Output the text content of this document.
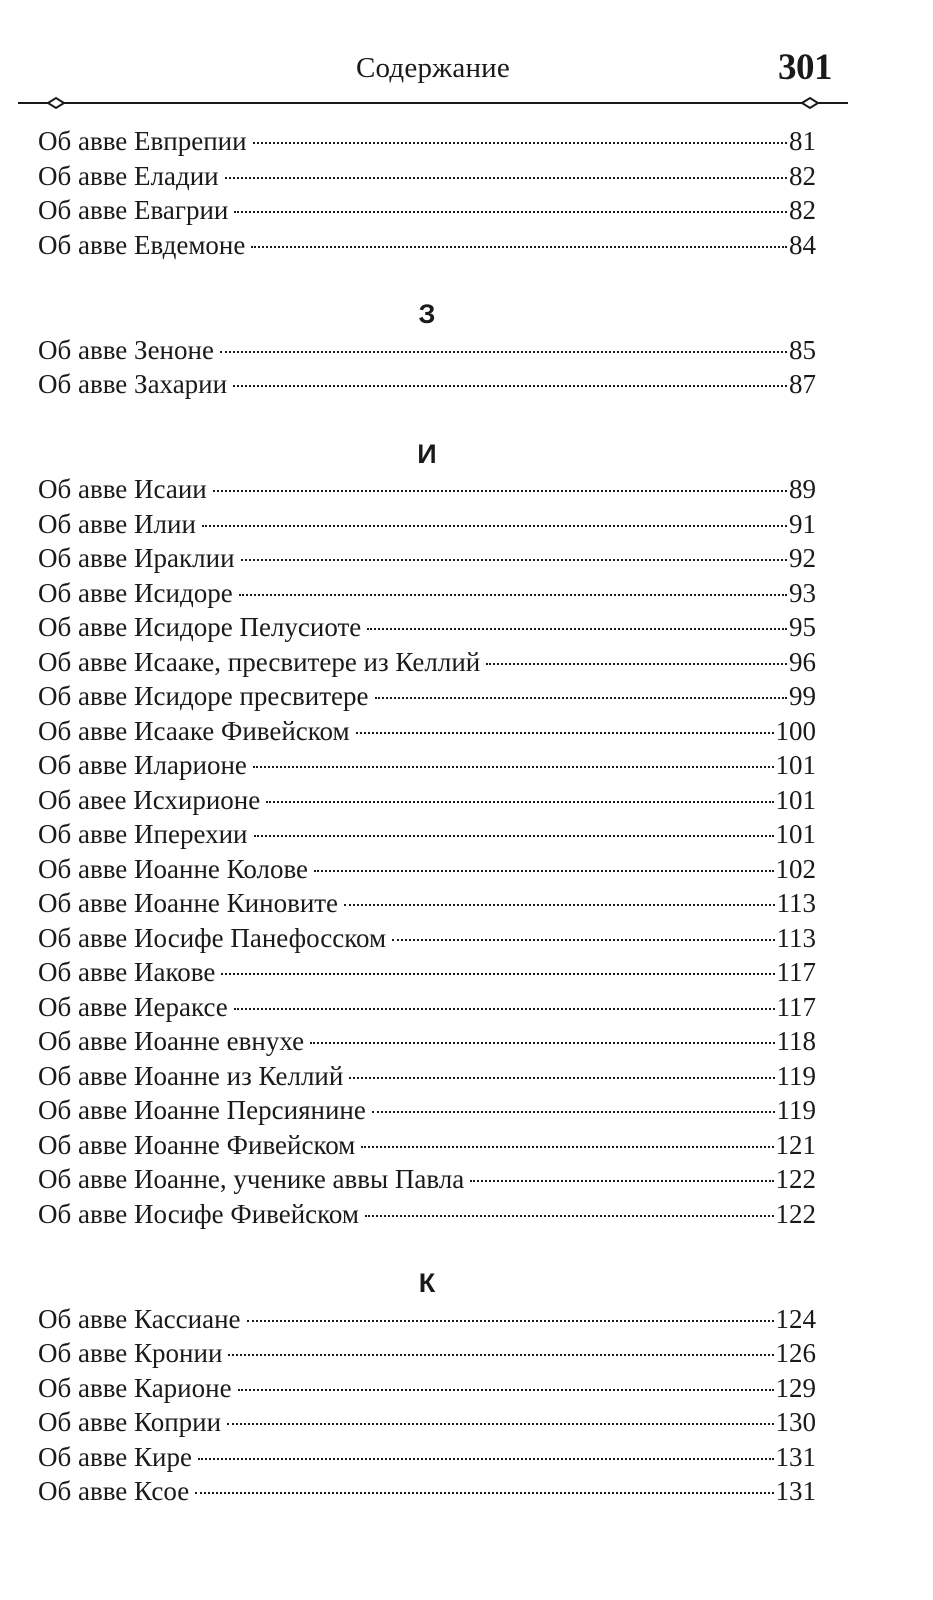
Содержание	301
Об авве Евпрепии	81
Об авве Еладии	82
Об авве Евагрии	82
Об авве Евдемоне	84
З
Об авве Зеноне	85
Об авве Захарии	87
И
Об авве Исаии	89
Об авве Илии	91
Об авве Ираклии	92
Об авве Исидоре	93
Об авве Исидоре Пелусиоте	95
Об авве Исааке, пресвитере из Келлий	96
Об авве Исидоре пресвитере	99
Об авве Исааке Фивейском	100
Об авве Иларионе	101
Об авее Исхирионе	101
Об авве Иперехии	101
Об авве Иоанне Колове	102
Об авве Иоанне Киновите	113
Об авве Иосифе Панефосском	113
Об авве Иакове	117
Об авве Иераксе	117
Об авве Иоанне евнухе	118
Об авве Иоанне из Келлий	119
Об авве Иоанне Персиянине	119
Об авве Иоанне Фивейском	121
Об авве Иоанне, ученике аввы Павла	122
Об авве Иосифе Фивейском	122
К
Об авве Кассиане	124
Об авве Кронии	126
Об авве Карионе	129
Об авве Коприи	130
Об авве Кире	131
Об авве Ксое	131
